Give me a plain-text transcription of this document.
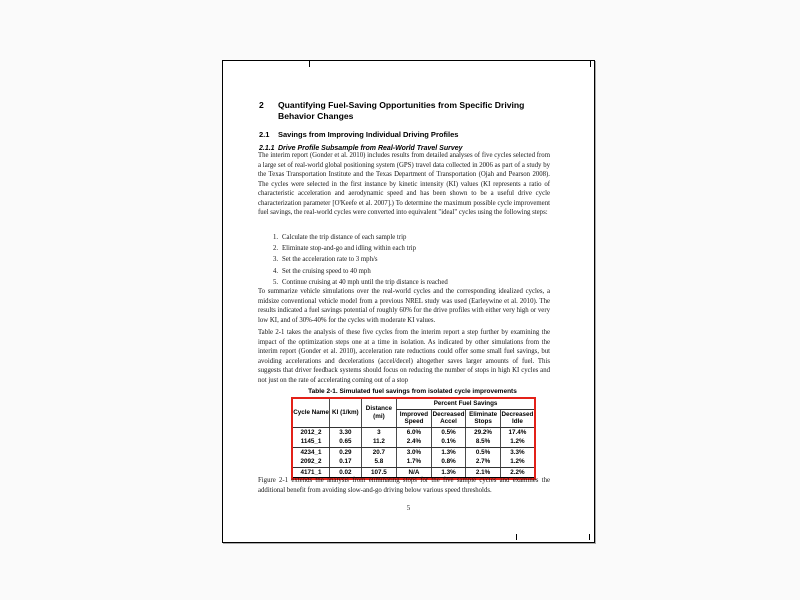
2	Quantifying Fuel-Saving Opportunities from Specific Driving Behavior Changes
2.1	Savings from Improving Individual Driving Profiles
2.1.1 Drive Profile Subsample from Real-World Travel Survey
The interim report (Gonder et al. 2010) includes results from detailed analyses of five cycles selected from a large set of real-world global positioning system (GPS) travel data collected in 2006 as part of a study by the Texas Transportation Institute and the Texas Department of Transportation (Ojah and Pearson 2008). The cycles were selected in the first instance by kinetic intensity (KI) values (KI represents a ratio of characteristic acceleration and aerodynamic speed and has been shown to be a useful drive cycle characterization parameter [O'Keefe et al. 2007].) To determine the maximum possible cycle improvement fuel savings, the real-world cycles were converted into equivalent "ideal" cycles using the following steps:
1. Calculate the trip distance of each sample trip
2. Eliminate stop-and-go and idling within each trip
3. Set the acceleration rate to 3 mph/s
4. Set the cruising speed to 40 mph
5. Continue cruising at 40 mph until the trip distance is reached
To summarize vehicle simulations over the real-world cycles and the corresponding idealized cycles, a midsize conventional vehicle model from a previous NREL study was used (Earleywine et al. 2010). The results indicated a fuel savings potential of roughly 60% for the drive profiles with either very high or very low KI, and of 30%-40% for the cycles with moderate KI values.
Table 2-1 takes the analysis of these five cycles from the interim report a step further by examining the impact of the optimization steps one at a time in isolation. As indicated by other simulations from the interim report (Gonder et al. 2010), acceleration rate reductions could offer some small fuel savings, but avoiding accelerations and decelerations (accel/decel) altogether saves larger amounts of fuel. This suggests that driver feedback systems should focus on reducing the number of stops in high KI cycles and not just on the rate of accelerating coming out of a stop
Table 2-1. Simulated fuel savings from isolated cycle improvements
Cycle Name	KI (1/km)	Distance (mi)	Percent Fuel Savings			
			Improved Speed	Decreased Accel	Eliminate Stops	Decreased Idle
2012_2	3.30	3	6.0%	0.5%	29.2%	17.4%
1145_1	0.65	11.2	2.4%	0.1%	8.5%	1.2%
4234_1	0.29	20.7	3.0%	1.3%	0.5%	3.3%
2092_2	0.17	5.8	1.7%	0.8%	2.7%	1.2%
4171_1	0.02	107.5	N/A	1.3%	2.1%	2.2%
Figure 2-1 extends the analysis from eliminating stops for the five sample cycles and examines the additional benefit from avoiding slow-and-go driving below various speed thresholds.
5
